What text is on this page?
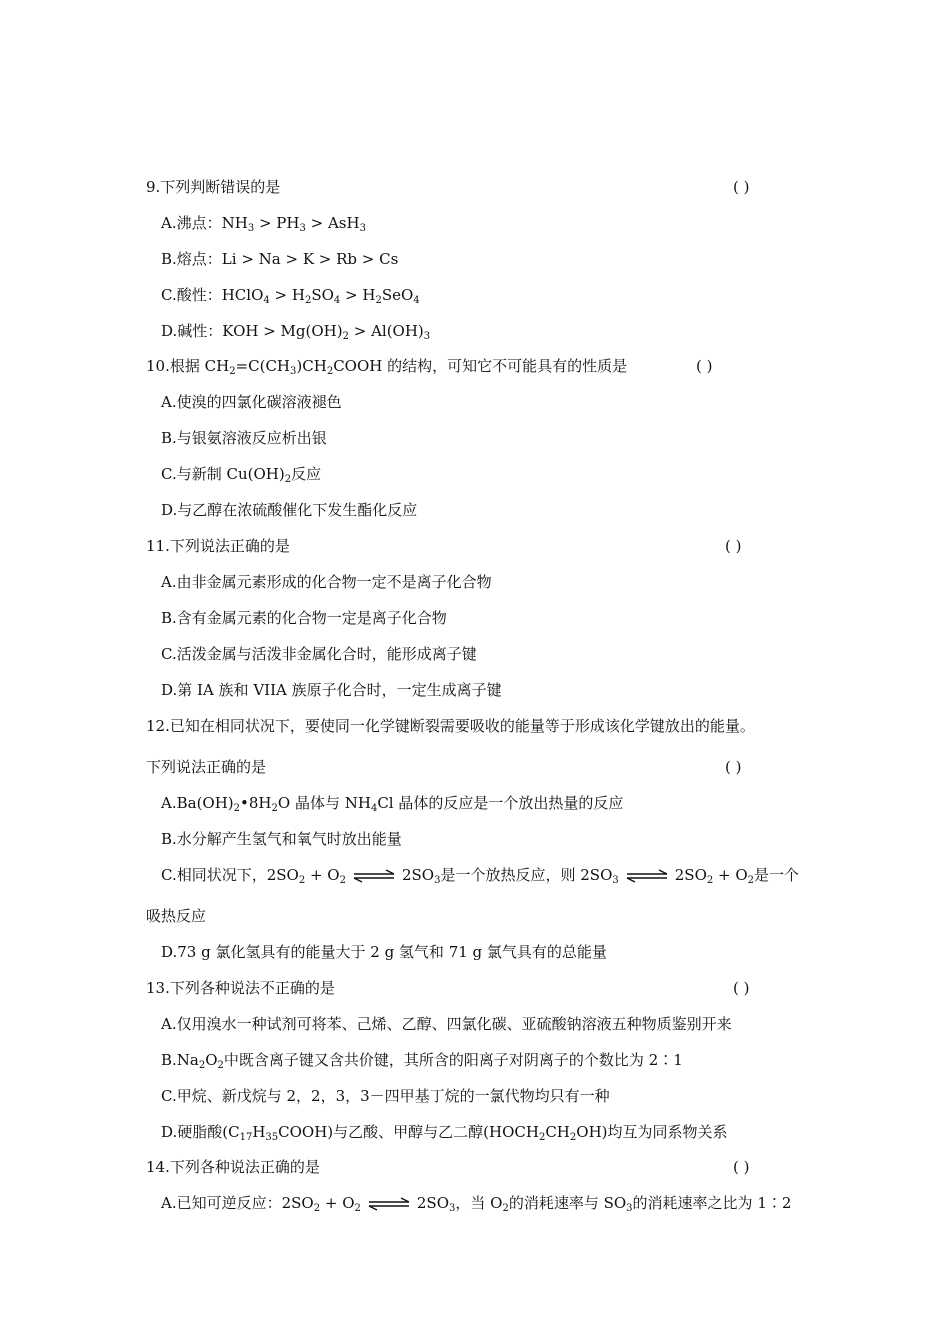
9.下列判断错误的是	( )
A.沸点：$NH_3 > PH_3 > AsH_3$
B.熔点：Li > Na > K > Rb > Cs
C.酸性：HClO$_4$ > $H_2SO_4 > H_2SeO_4$
D.碱性：KOH > $Mg(OH)_2 > Al(OH)_3$
10.根据 $CH_2=C(CH_3)CH_2COOH$ 的结构，可知它不可能具有的性质是	( )
A.使溴的四氯化碳溶液褪色
B.与银氨溶液反应析出银
C.与新制 $Cu(OH)_2$反应
D.与乙醇在浓硫酸催化下发生酯化反应
11.下列说法正确的是	( )
A.由非金属元素形成的化合物一定不是离子化合物
B.含有金属元素的化合物一定是离子化合物
C.活泼金属与活泼非金属化合时，能形成离子键
D.第 IA 族和 VIIA 族原子化合时，一定生成离子键
12.已知在相同状况下，要使同一化学键断裂需要吸收的能量等于形成该化学键放出的能量。
下列说法正确的是	( )
$A.Ba(OH)_2•8H_2O$ 晶体与 $NH_4Cl$ 晶体的反应是一个放出热量的反应
B.水分解产生氢气和氧气时放出能量
C.相同状况下，$2SO_2 + O_2$ ⇌ $2SO_3$是一个放热反应，则 $2SO_3$ ⇌ $2SO_2 + O_2$是一个
吸热反应
D.73 g 氯化氢具有的能量大于 2 g 氢气和 71 g 氯气具有的总能量
13.下列各种说法不正确的是	( )
A.仅用溴水一种试剂可将苯、己烯、乙醇、四氯化碳、亚硫酸钠溶液五种物质鉴别开来
$B.Na_2O_2$中既含离子键又含共价键，其所含的阳离子对阴离子的个数比为 2∶1
C.甲烷、新戊烷与 2，2，3，3－四甲基丁烷的一氯代物均只有一种
D.硬脂酸$(C_{17}H_{35}COOH)$与乙酸、甲醇与乙二醇$(HOCH_2CH_2OH)$均互为同系物关系
14.下列各种说法正确的是	( )
A.已知可逆反应：$2SO_2 + O_2$ ⇌ $2SO_3$，当 $O_2$的消耗速率与 $SO_3$的消耗速率之比为 1∶2
